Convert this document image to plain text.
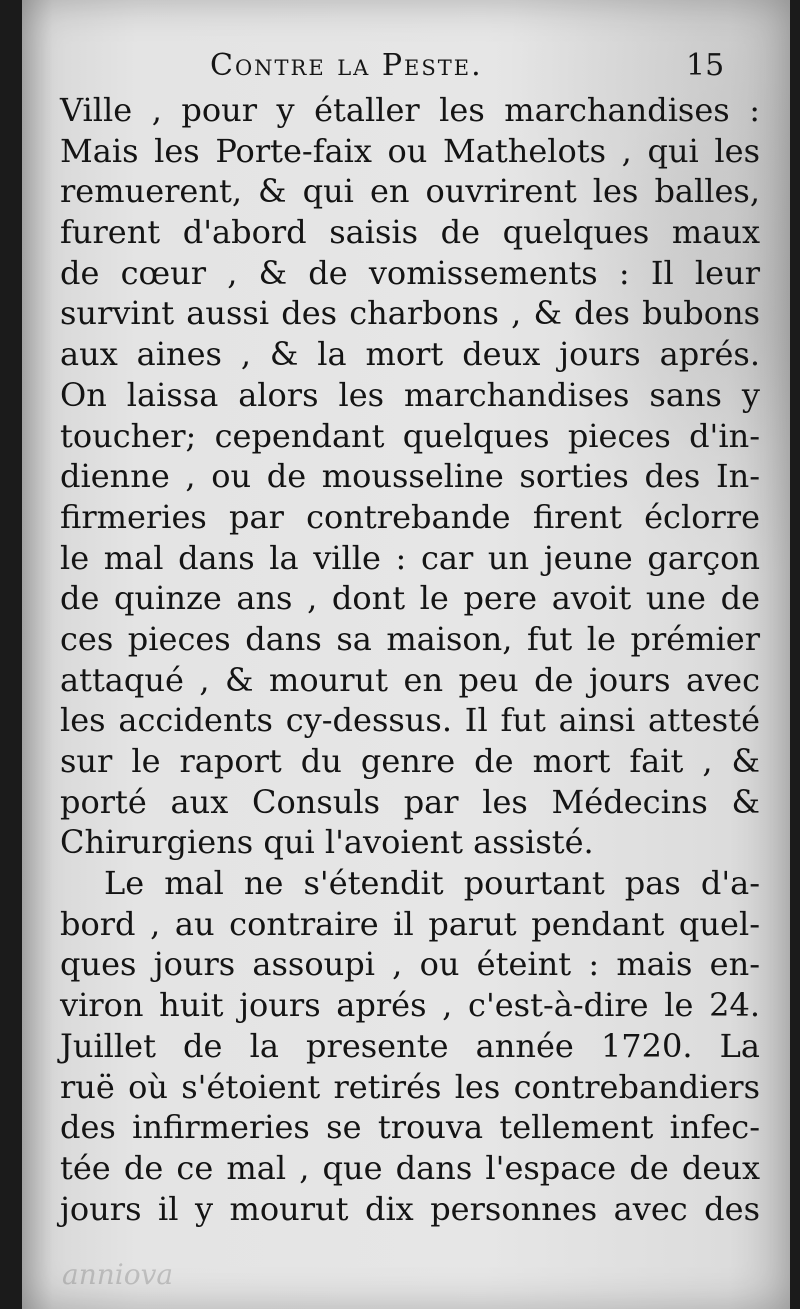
Contre la Peste.	15
Ville , pour y étaller les marchandises :
Mais les Porte-faix ou Mathelots , qui les
remuerent, & qui en ouvrirent les balles,
furent d'abord saisis de quelques maux
de cœur , & de vomissements : Il leur
survint aussi des charbons , & des bubons
aux aines , & la mort deux jours aprés.
On laissa alors les marchandises sans y
toucher; cependant quelques pieces d'in-
dienne , ou de mousseline sorties des In-
firmeries par contrebande firent éclorre
le mal dans la ville : car un jeune garçon
de quinze ans , dont le pere avoit une de
ces pieces dans sa maison, fut le prémier
attaqué , & mourut en peu de jours avec
les accidents cy-dessus. Il fut ainsi attesté
sur le raport du genre de mort fait , &
porté aux Consuls par les Médecins &
Chirurgiens qui l'avoient assisté.
Le mal ne s'étendit pourtant pas d'a-
bord , au contraire il parut pendant quel-
ques jours assoupi , ou éteint : mais en-
viron huit jours aprés , c'est-à-dire le 24.
Juillet de la presente année 1720. La
ruë où s'étoient retirés les contrebandiers
des infirmeries se trouva tellement infec-
tée de ce mal , que dans l'espace de deux
jours il y mourut dix personnes avec des
anniova
